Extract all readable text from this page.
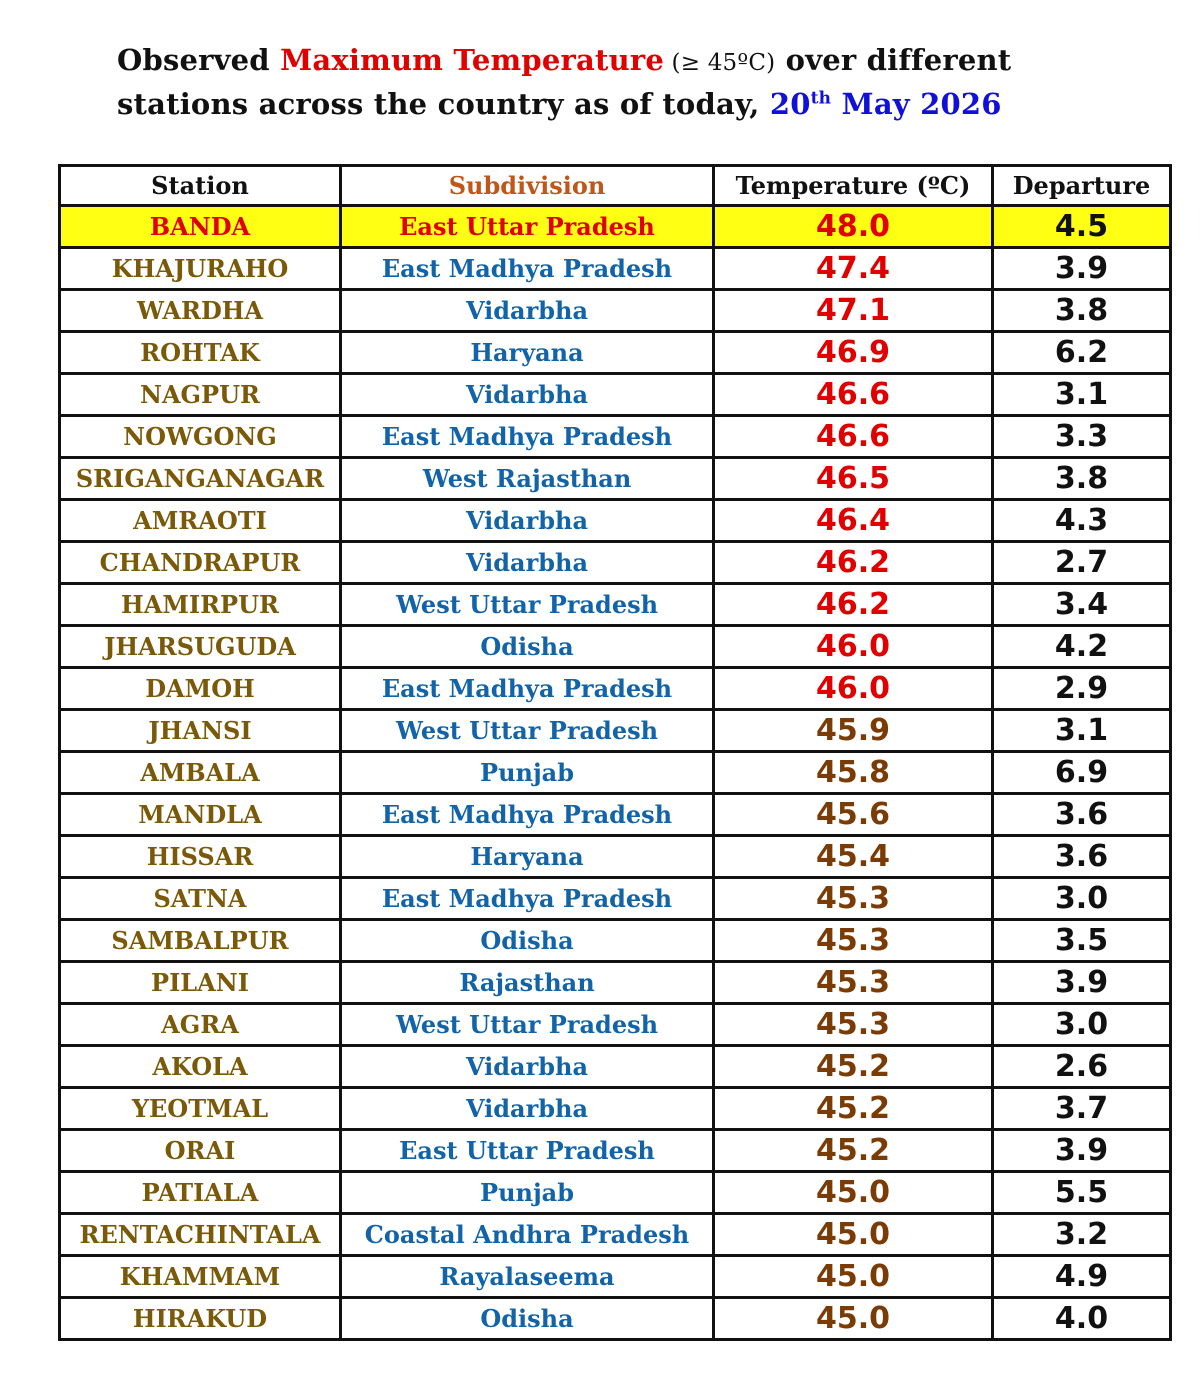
Observed Maximum Temperature (≥ 45ºC) over different
stations across the country as of today, 20th May 2026
Station	Subdivision	Temperature (ºC)	Departure
BANDA	East Uttar Pradesh	48.0	4.5
KHAJURAHO	East Madhya Pradesh	47.4	3.9
WARDHA	Vidarbha	47.1	3.8
ROHTAK	Haryana	46.9	6.2
NAGPUR	Vidarbha	46.6	3.1
NOWGONG	East Madhya Pradesh	46.6	3.3
SRIGANGANAGAR	West Rajasthan	46.5	3.8
AMRAOTI	Vidarbha	46.4	4.3
CHANDRAPUR	Vidarbha	46.2	2.7
HAMIRPUR	West Uttar Pradesh	46.2	3.4
JHARSUGUDA	Odisha	46.0	4.2
DAMOH	East Madhya Pradesh	46.0	2.9
JHANSI	West Uttar Pradesh	45.9	3.1
AMBALA	Punjab	45.8	6.9
MANDLA	East Madhya Pradesh	45.6	3.6
HISSAR	Haryana	45.4	3.6
SATNA	East Madhya Pradesh	45.3	3.0
SAMBALPUR	Odisha	45.3	3.5
PILANI	Rajasthan	45.3	3.9
AGRA	West Uttar Pradesh	45.3	3.0
AKOLA	Vidarbha	45.2	2.6
YEOTMAL	Vidarbha	45.2	3.7
ORAI	East Uttar Pradesh	45.2	3.9
PATIALA	Punjab	45.0	5.5
RENTACHINTALA	Coastal Andhra Pradesh	45.0	3.2
KHAMMAM	Rayalaseema	45.0	4.9
HIRAKUD	Odisha	45.0	4.0
